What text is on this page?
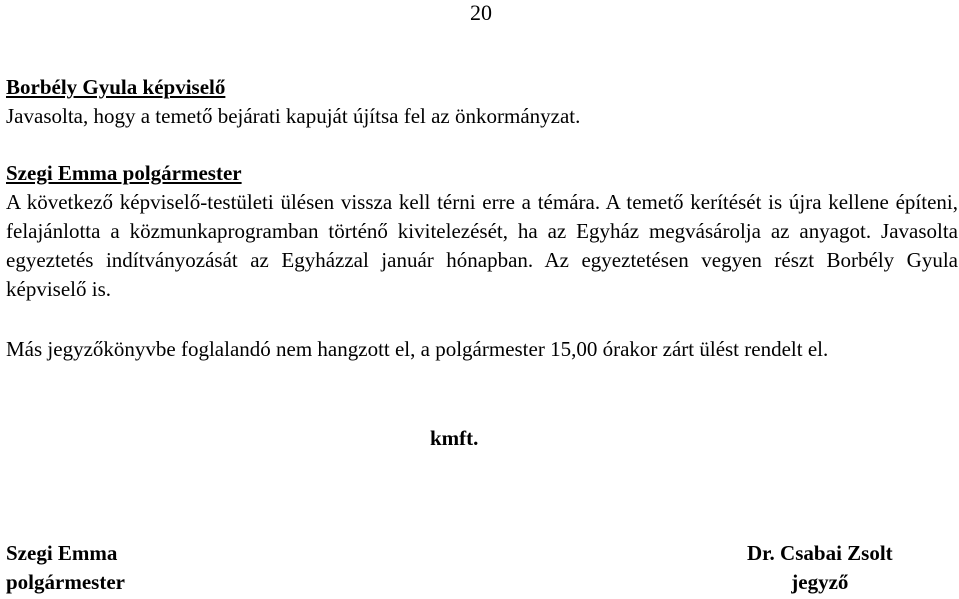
20
Borbély Gyula képviselő
Javasolta, hogy a temető bejárati kapuját újítsa fel az önkormányzat.
Szegi Emma polgármester
A következő képviselő-testületi ülésen vissza kell térni erre a témára. A temető kerítését is újra kellene építeni, felajánlotta a közmunkaprogramban történő kivitelezését, ha az Egyház megvásárolja az anyagot. Javasolta egyeztetés indítványozását az Egyházzal január hónapban. Az egyeztetésen vegyen részt Borbély Gyula képviselő is.
Más jegyzőkönyvbe foglalandó nem hangzott el, a polgármester 15,00 órakor zárt ülést rendelt el.
kmft.
Szegi Emma
polgármester
Dr. Csabai Zsolt
jegyző
